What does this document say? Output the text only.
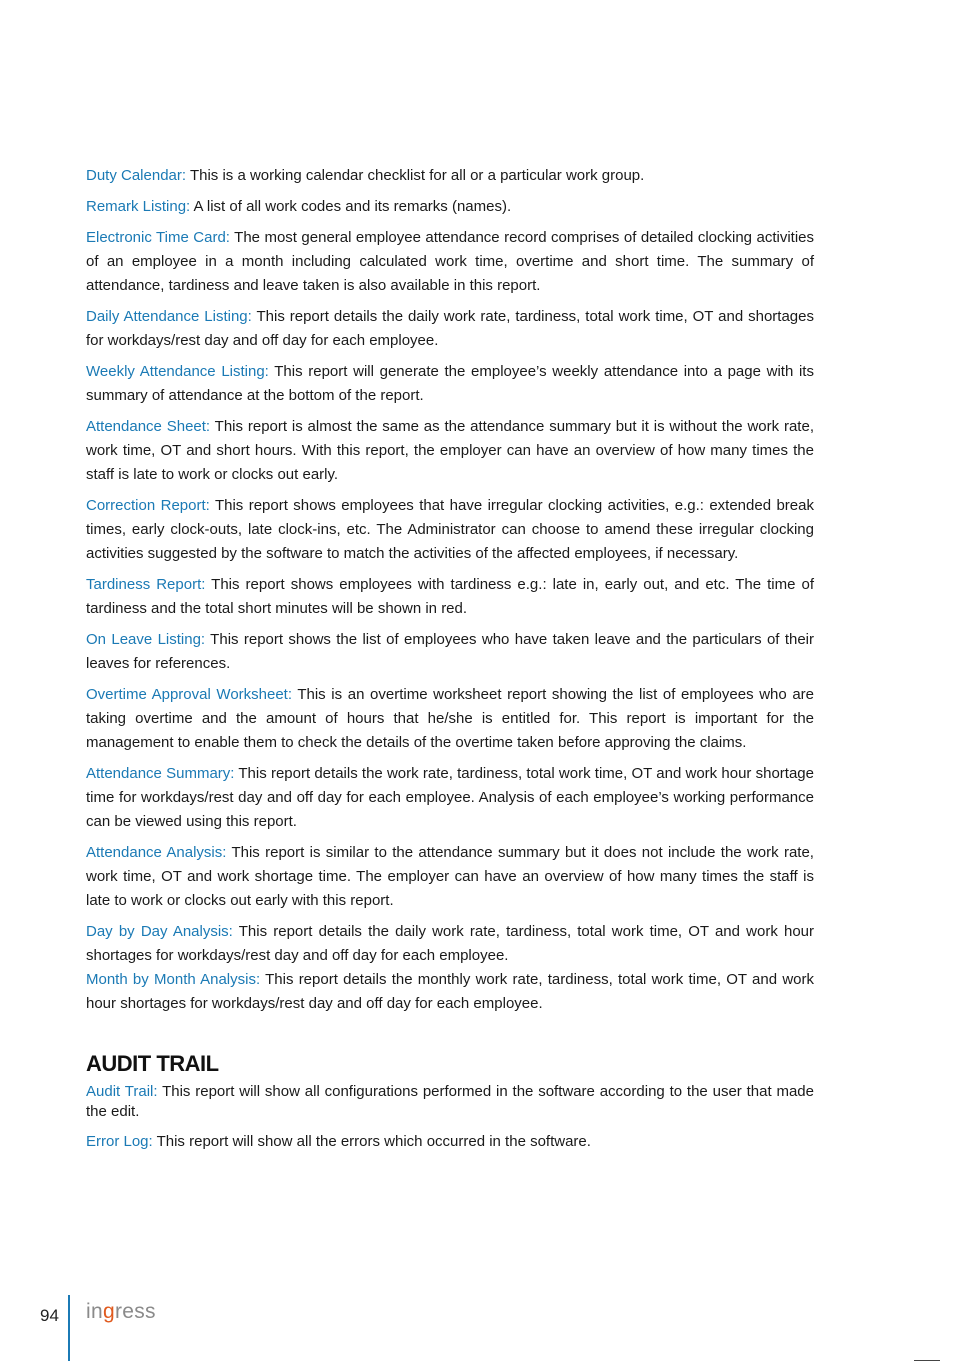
Duty Calendar: This is a working calendar checklist for all or a particular work group.

Remark Listing: A list of all work codes and its remarks (names).

Electronic Time Card: The most general employee attendance record comprises of detailed clocking activities of an employee in a month including calculated work time, overtime and short time. The summary of attendance, tardiness and leave taken is also available in this report.

Daily Attendance Listing: This report details the daily work rate, tardiness, total work time, OT and shortages for workdays/rest day and off day for each employee.

Weekly Attendance Listing: This report will generate the employee’s weekly attendance into a page with its summary of attendance at the bottom of the report.

Attendance Sheet: This report is almost the same as the attendance summary but it is without the work rate, work time, OT and short hours. With this report, the employer can have an overview of how many times the staff is late to work or clocks out early.

Correction Report: This report shows employees that have irregular clocking activities, e.g.: extended break times, early clock-outs, late clock-ins, etc. The Administrator can choose to amend these irregular clocking activities suggested by the software to match the activities of the affected employees, if necessary.

Tardiness Report: This report shows employees with tardiness e.g.: late in, early out, and etc. The time of tardiness and the total short minutes will be shown in red.

On Leave Listing: This report shows the list of employees who have taken leave and the particulars of their leaves for references.

Overtime Approval Worksheet: This is an overtime worksheet report showing the list of employees who are taking overtime and the amount of hours that he/she is entitled for. This report is important for the management to enable them to check the details of the overtime taken before approving the claims.

Attendance Summary: This report details the work rate, tardiness, total work time, OT and work hour shortage time for workdays/rest day and off day for each employee. Analysis of each employee’s working performance can be viewed using this report.

Attendance Analysis: This report is similar to the attendance summary but it does not include the work rate, work time, OT and work shortage time. The employer can have an overview of how many times the staff is late to work or clocks out early with this report.

Day by Day Analysis: This report details the daily work rate, tardiness, total work time, OT and work hour shortages for workdays/rest day and off day for each employee.

Month by Month Analysis: This report details the monthly work rate, tardiness, total work time, OT and work hour shortages for workdays/rest day and off day for each employee.

AUDIT TRAIL

Audit Trail: This report will show all configurations performed in the software according to the user that made the edit.

Error Log: This report will show all the errors which occurred in the software.

94 ingress
